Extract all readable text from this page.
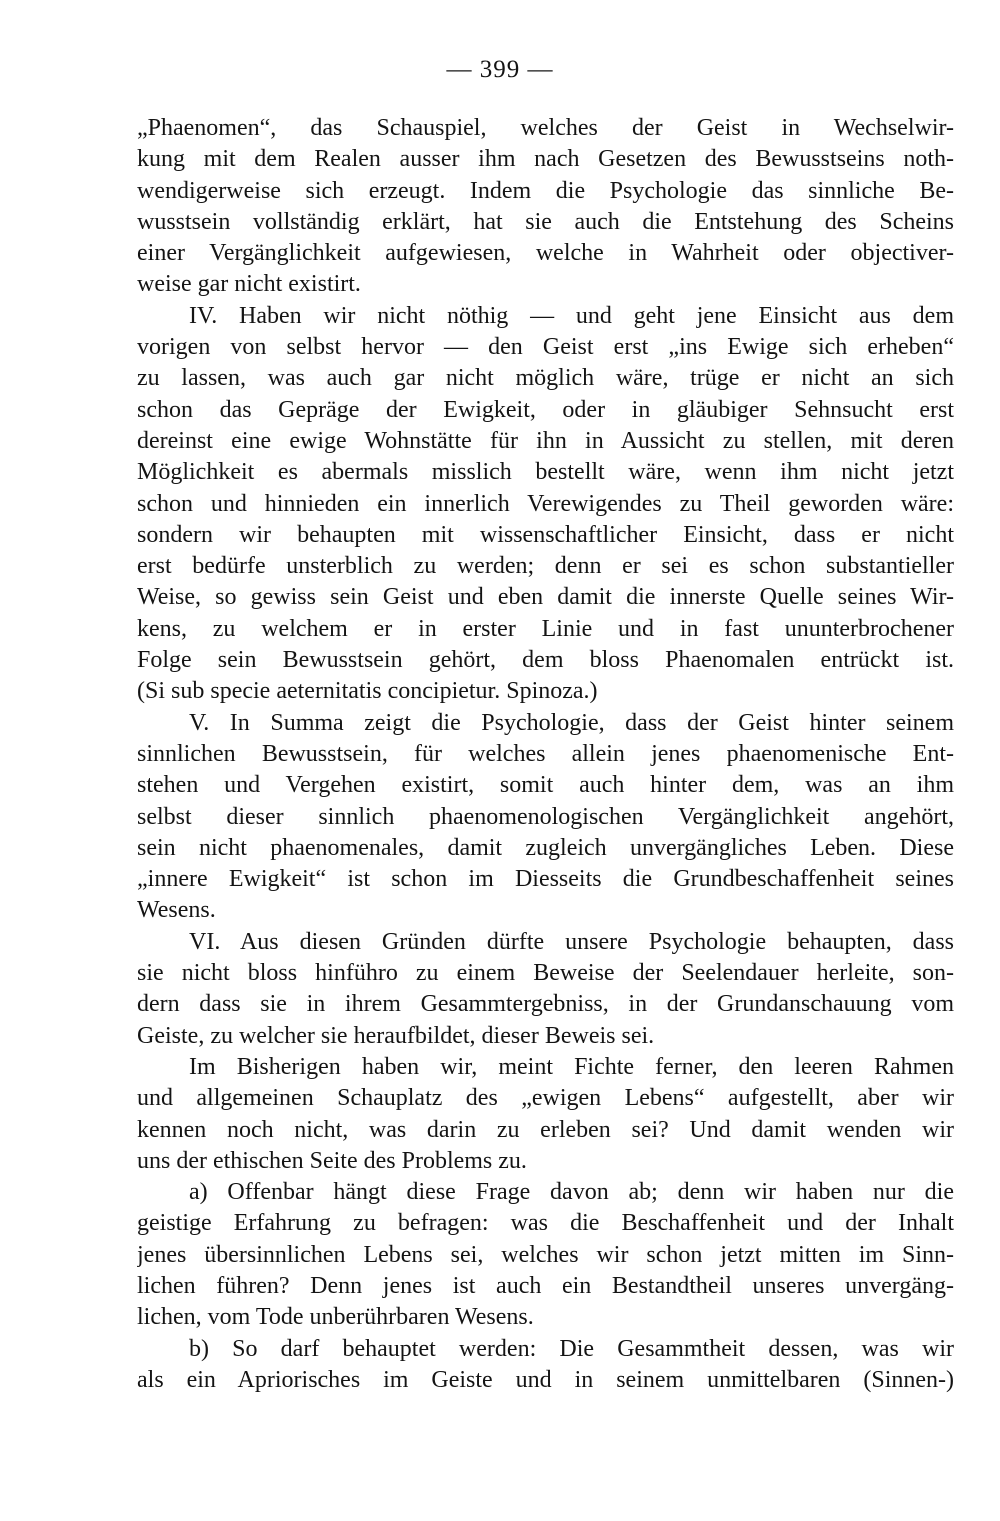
— 399 —
„Phaenomen“, das Schauspiel, welches der Geist in Wechselwir-
kung mit dem Realen ausser ihm nach Gesetzen des Bewusstseins noth-
wendigerweise sich erzeugt. Indem die Psychologie das sinnliche Be-
wusstsein vollständig erklärt, hat sie auch die Entstehung des Scheins
einer Vergänglichkeit aufgewiesen, welche in Wahrheit oder objectiver-
weise gar nicht existirt.
IV. Haben wir nicht nöthig — und geht jene Einsicht aus dem
vorigen von selbst hervor — den Geist erst „ins Ewige sich erheben“
zu lassen, was auch gar nicht möglich wäre, trüge er nicht an sich
schon das Gepräge der Ewigkeit, oder in gläubiger Sehnsucht erst
dereinst eine ewige Wohnstätte für ihn in Aussicht zu stellen, mit deren
Möglichkeit es abermals misslich bestellt wäre, wenn ihm nicht jetzt
schon und hinnieden ein innerlich Verewigendes zu Theil geworden wäre:
sondern wir behaupten mit wissenschaftlicher Einsicht, dass er nicht
erst bedürfe unsterblich zu werden; denn er sei es schon substantieller
Weise, so gewiss sein Geist und eben damit die innerste Quelle seines Wir-
kens, zu welchem er in erster Linie und in fast ununterbrochener
Folge sein Bewusstsein gehört, dem bloss Phaenomalen entrückt ist.
(Si sub specie aeternitatis concipietur. Spinoza.)
V. In Summa zeigt die Psychologie, dass der Geist hinter seinem
sinnlichen Bewusstsein, für welches allein jenes phaenomenische Ent-
stehen und Vergehen existirt, somit auch hinter dem, was an ihm
selbst dieser sinnlich phaenomenologischen Vergänglichkeit angehört,
sein nicht phaenomenales, damit zugleich unvergängliches Leben. Diese
„innere Ewigkeit“ ist schon im Diesseits die Grundbeschaffenheit seines
Wesens.
VI. Aus diesen Gründen dürfte unsere Psychologie behaupten, dass
sie nicht bloss hinführo zu einem Beweise der Seelendauer herleite, son-
dern dass sie in ihrem Gesammtergebniss, in der Grundanschauung vom
Geiste, zu welcher sie heraufbildet, dieser Beweis sei.
Im Bisherigen haben wir, meint Fichte ferner, den leeren Rahmen
und allgemeinen Schauplatz des „ewigen Lebens“ aufgestellt, aber wir
kennen noch nicht, was darin zu erleben sei? Und damit wenden wir
uns der ethischen Seite des Problems zu.
a) Offenbar hängt diese Frage davon ab; denn wir haben nur die
geistige Erfahrung zu befragen: was die Beschaffenheit und der Inhalt
jenes übersinnlichen Lebens sei, welches wir schon jetzt mitten im Sinn-
lichen führen? Denn jenes ist auch ein Bestandtheil unseres unvergäng-
lichen, vom Tode unberührbaren Wesens.
b) So darf behauptet werden: Die Gesammtheit dessen, was wir
als ein Apriorisches im Geiste und in seinem unmittelbaren (Sinnen-)
